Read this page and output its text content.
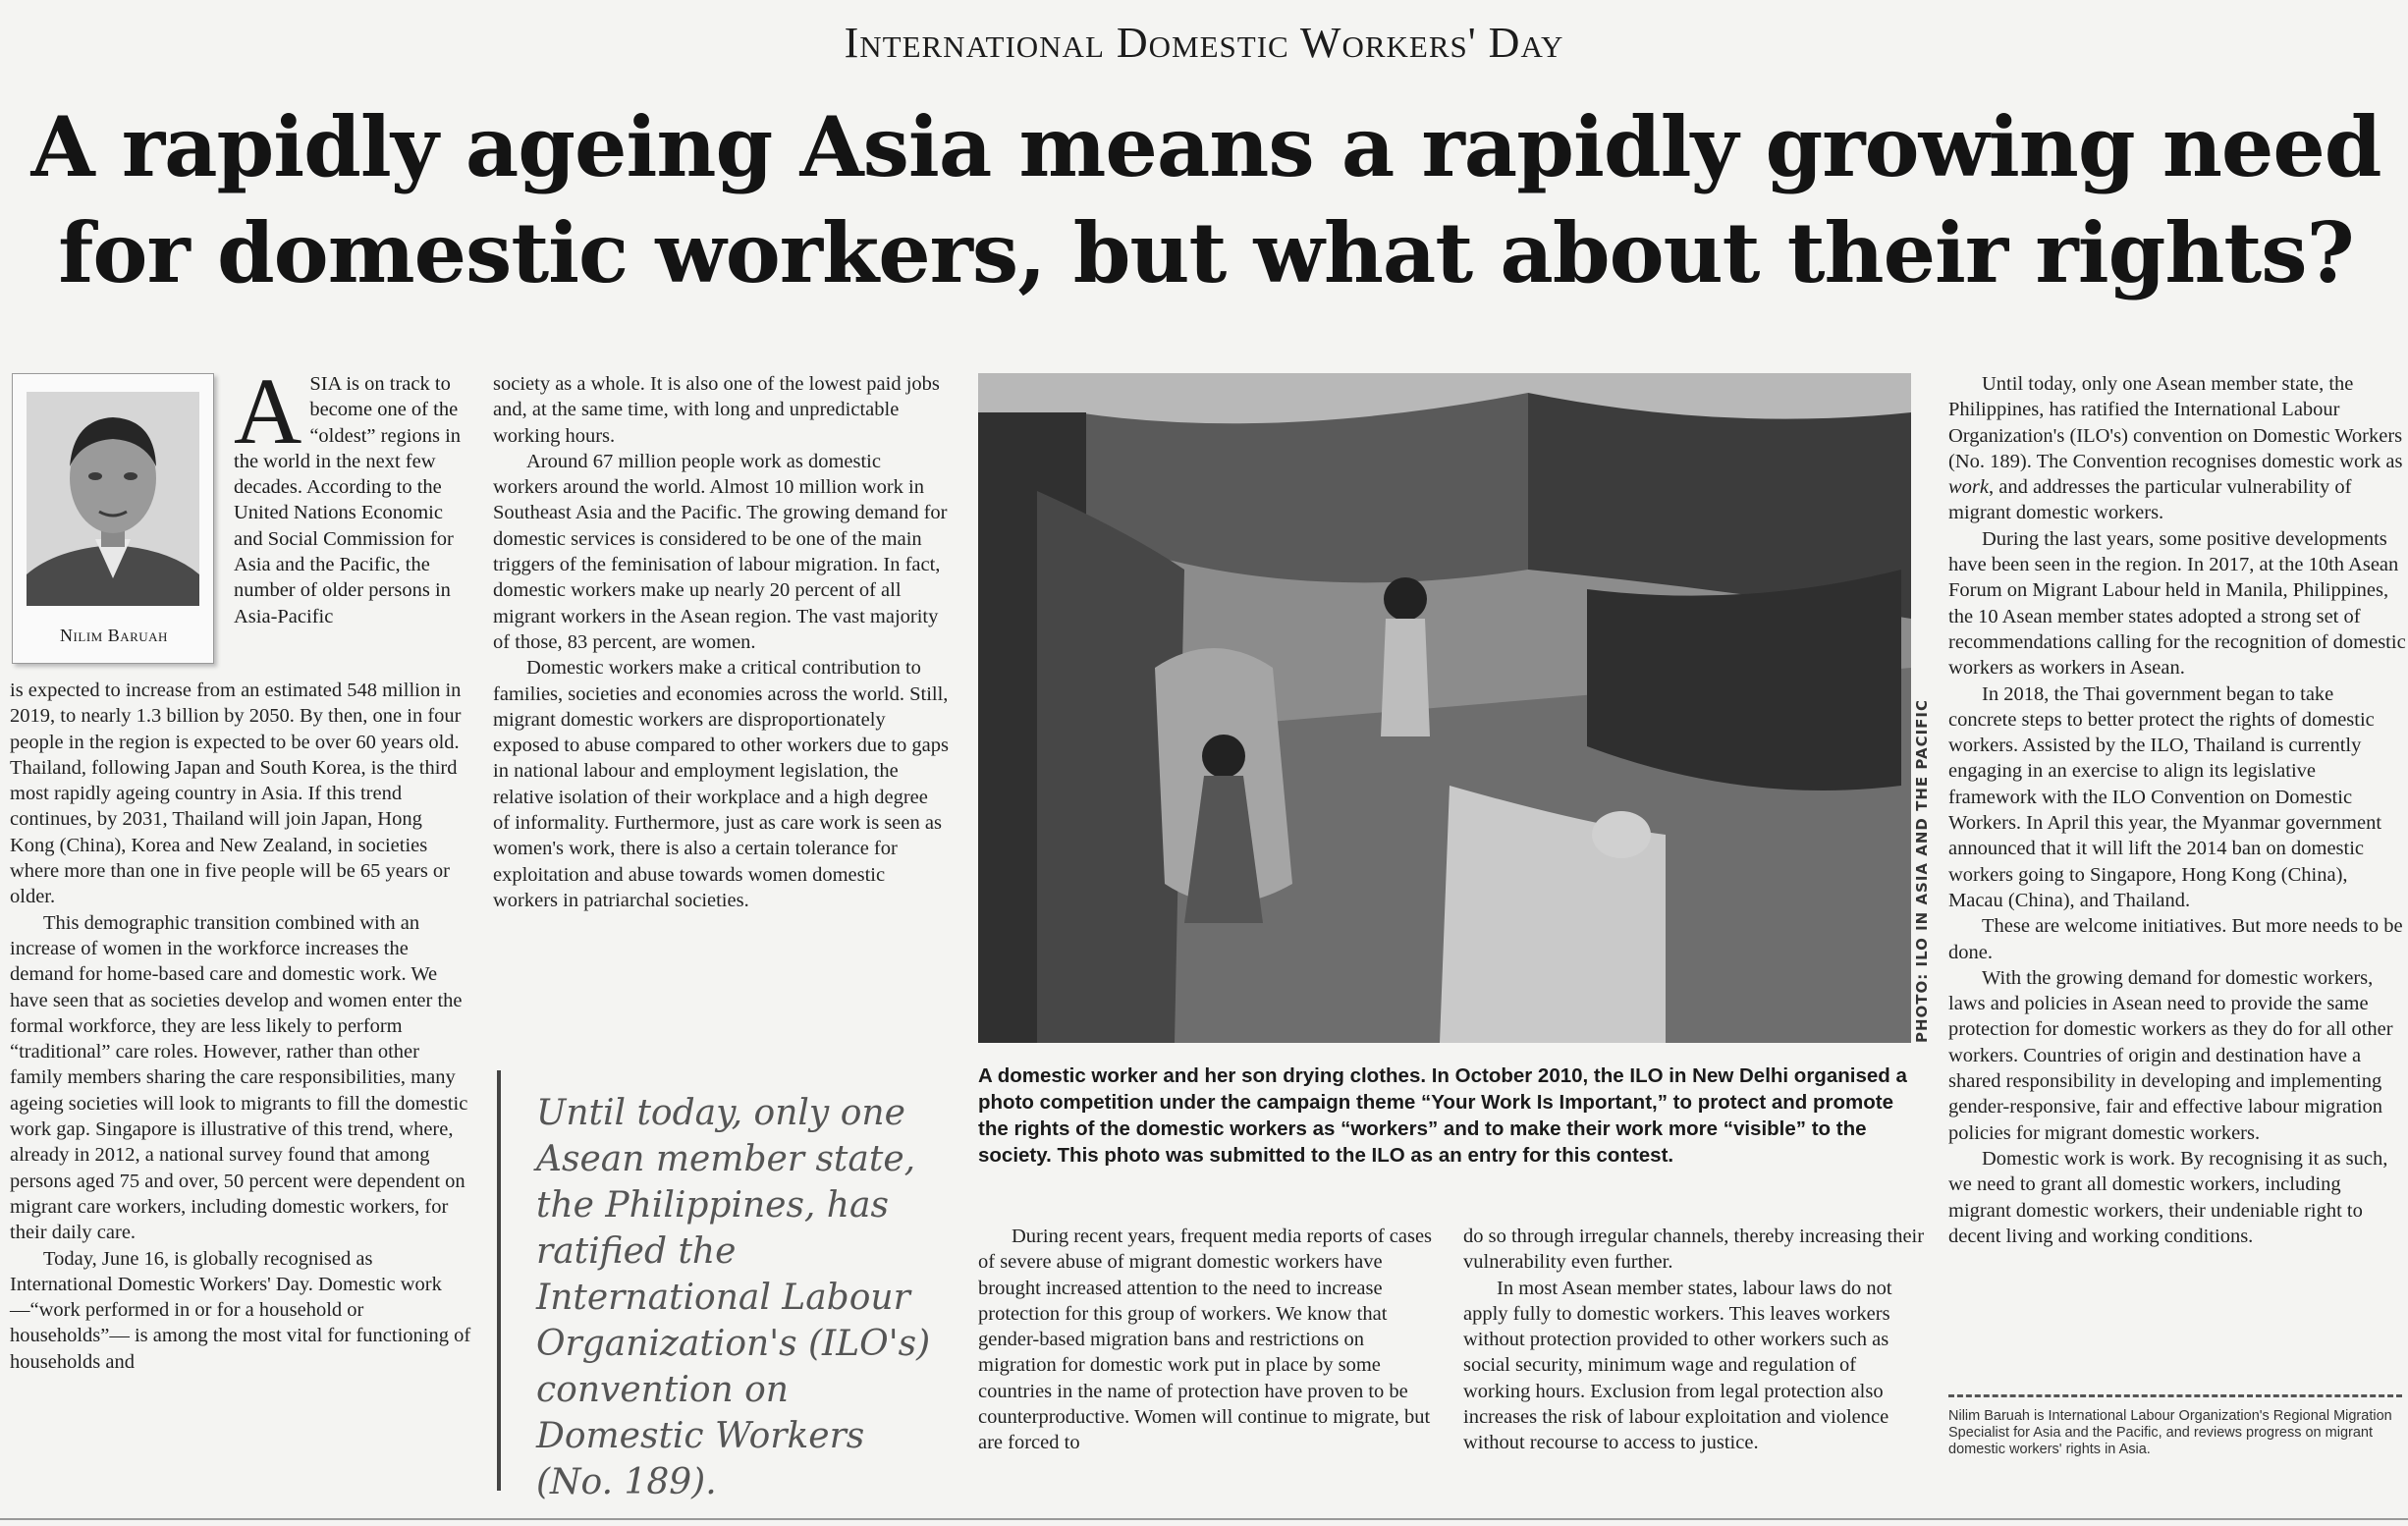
International Domestic Workers' Day
A rapidly ageing Asia means a rapidly growing need
for domestic workers, but what about their rights?
Nilim Baruah
A SIA is on track to become one of the “oldest” regions in the world in the next few decades. According to the United Nations Economic and Social Commission for Asia and the Pacific, the number of older persons in Asia-Pacific

is expected to increase from an estimated 548 million in 2019, to nearly 1.3 billion by 2050. By then, one in four people in the region is expected to be over 60 years old. Thailand, following Japan and South Korea, is the third most rapidly ageing country in Asia. If this trend continues, by 2031, Thailand will join Japan, Hong Kong (China), Korea and New Zealand, in societies where more than one in five people will be 65 years or older.

This demographic transition combined with an increase of women in the workforce increases the demand for home-based care and domestic work. We have seen that as societies develop and women enter the formal workforce, they are less likely to perform “traditional” care roles. However, rather than other family members sharing the care responsibilities, many ageing societies will look to migrants to fill the domestic work gap. Singapore is illustrative of this trend, where, already in 2012, a national survey found that among persons aged 75 and over, 50 percent were dependent on migrant care workers, including domestic workers, for their daily care.

Today, June 16, is globally recognised as International Domestic Workers' Day. Domestic work—“work performed in or for a household or households”— is among the most vital for functioning of households and

society as a whole. It is also one of the lowest paid jobs and, at the same time, with long and unpredictable working hours.

Around 67 million people work as domestic workers around the world. Almost 10 million work in Southeast Asia and the Pacific. The growing demand for domestic services is considered to be one of the main triggers of the feminisation of labour migration. In fact, domestic workers make up nearly 20 percent of all migrant workers in the Asean region. The vast majority of those, 83 percent, are women.

Domestic workers make a critical contribution to families, societies and economies across the world. Still, migrant domestic workers are disproportionately exposed to abuse compared to other workers due to gaps in national labour and employment legislation, the relative isolation of their workplace and a high degree of informality. Furthermore, just as care work is seen as women's work, there is also a certain tolerance for exploitation and abuse towards women domestic workers in patriarchal societies.

Until today, only one Asean member state, the Philippines, has ratified the International Labour Organization's (ILO's) convention on Domestic Workers (No. 189).
PHOTO: ILO IN ASIA AND THE PACIFIC
A domestic worker and her son drying clothes. In October 2010, the ILO in New Delhi organised a photo competition under the campaign theme “Your Work Is Important,” to protect and promote the rights of the domestic workers as “workers” and to make their work more “visible” to the society. This photo was submitted to the ILO as an entry for this contest.

During recent years, frequent media reports of cases of severe abuse of migrant domestic workers have brought increased attention to the need to increase protection for this group of workers. We know that gender-based migration bans and restrictions on migration for domestic work put in place by some countries in the name of protection have proven to be counterproductive. Women will continue to migrate, but are forced to

do so through irregular channels, thereby increasing their vulnerability even further.

In most Asean member states, labour laws do not apply fully to domestic workers. This leaves workers without protection provided to other workers such as social security, minimum wage and regulation of working hours. Exclusion from legal protection also increases the risk of labour exploitation and violence without recourse to access to justice.

Until today, only one Asean member state, the Philippines, has ratified the International Labour Organization's (ILO's) convention on Domestic Workers (No. 189). The Convention recognises domestic work as work, and addresses the particular vulnerability of migrant domestic workers.

During the last years, some positive developments have been seen in the region. In 2017, at the 10th Asean Forum on Migrant Labour held in Manila, Philippines, the 10 Asean member states adopted a strong set of recommendations calling for the recognition of domestic workers as workers in Asean.

In 2018, the Thai government began to take concrete steps to better protect the rights of domestic workers. Assisted by the ILO, Thailand is currently engaging in an exercise to align its legislative framework with the ILO Convention on Domestic Workers. In April this year, the Myanmar government announced that it will lift the 2014 ban on domestic workers going to Singapore, Hong Kong (China), Macau (China), and Thailand.

These are welcome initiatives. But more needs to be done.

With the growing demand for domestic workers, laws and policies in Asean need to provide the same protection for domestic workers as they do for all other workers. Countries of origin and destination have a shared responsibility in developing and implementing gender-responsive, fair and effective labour migration policies for migrant domestic workers.

Domestic work is work. By recognising it as such, we need to grant all domestic workers, including migrant domestic workers, their undeniable right to decent living and working conditions.

Nilim Baruah is International Labour Organization's Regional Migration Specialist for Asia and the Pacific, and reviews progress on migrant domestic workers' rights in Asia.
